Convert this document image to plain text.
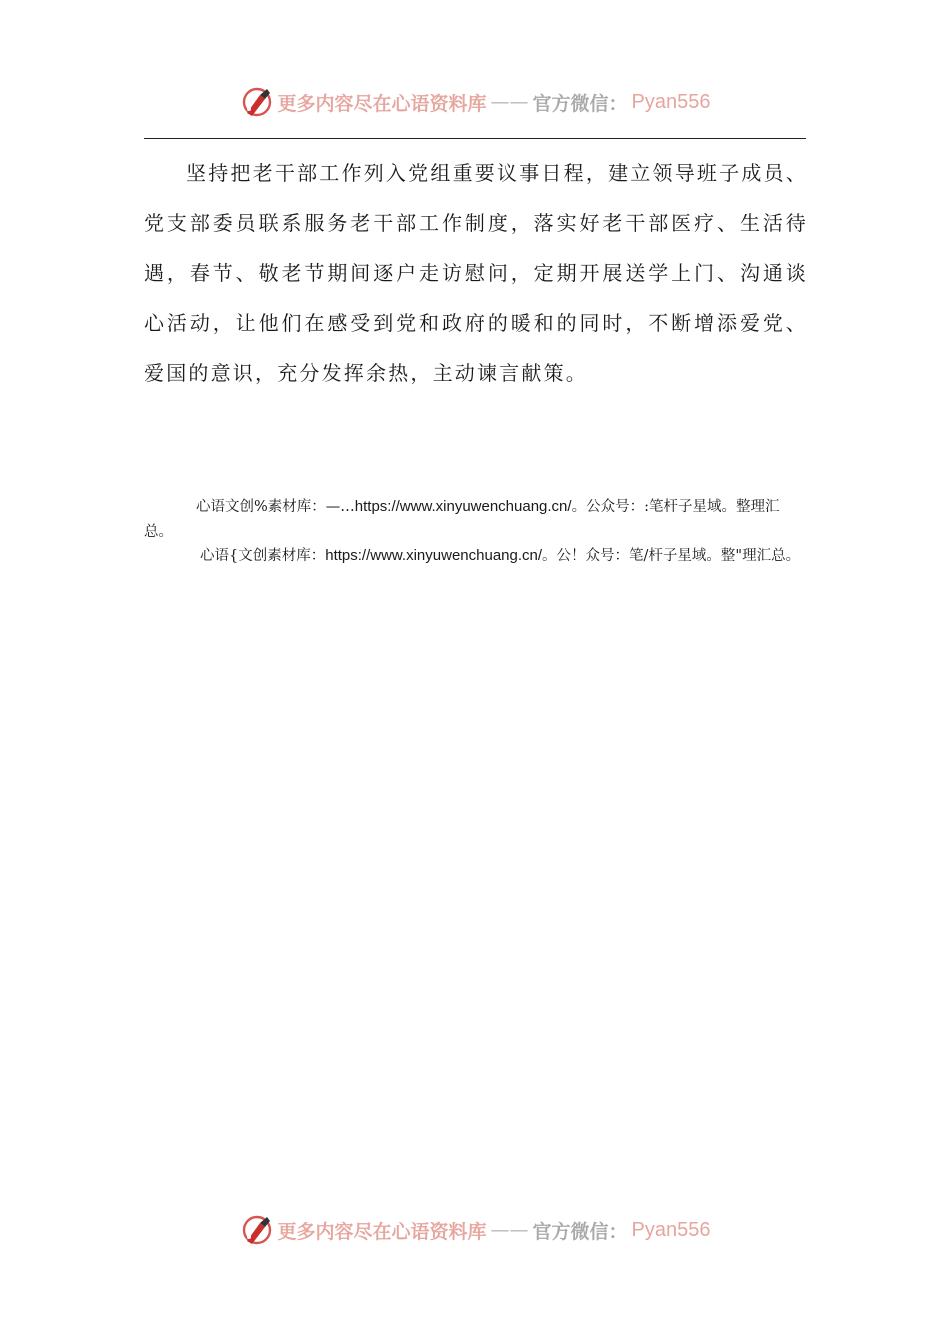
更多内容尽在心语资料库 —— 官方微信： Pyan556

坚持把老干部工作列入党组重要议事日程，建立领导班子成员、党支部委员联系服务老干部工作制度，落实好老干部医疗、生活待遇，春节、敬老节期间逐户走访慰问，定期开展送学上门、沟通谈心活动，让他们在感受到党和政府的暖和的同时，不断增添爱党、爱国的意识，充分发挥余热，主动谏言献策。

心语文创%素材库：—…https://www.xinyuwenchuang.cn/。公众号：:笔杆子星域。整理汇总。

心语{文创素材库：https://www.xinyuwenchuang.cn/。公！众号：笔/杆子星域。整"理汇总。

更多内容尽在心语资料库 —— 官方微信： Pyan556
